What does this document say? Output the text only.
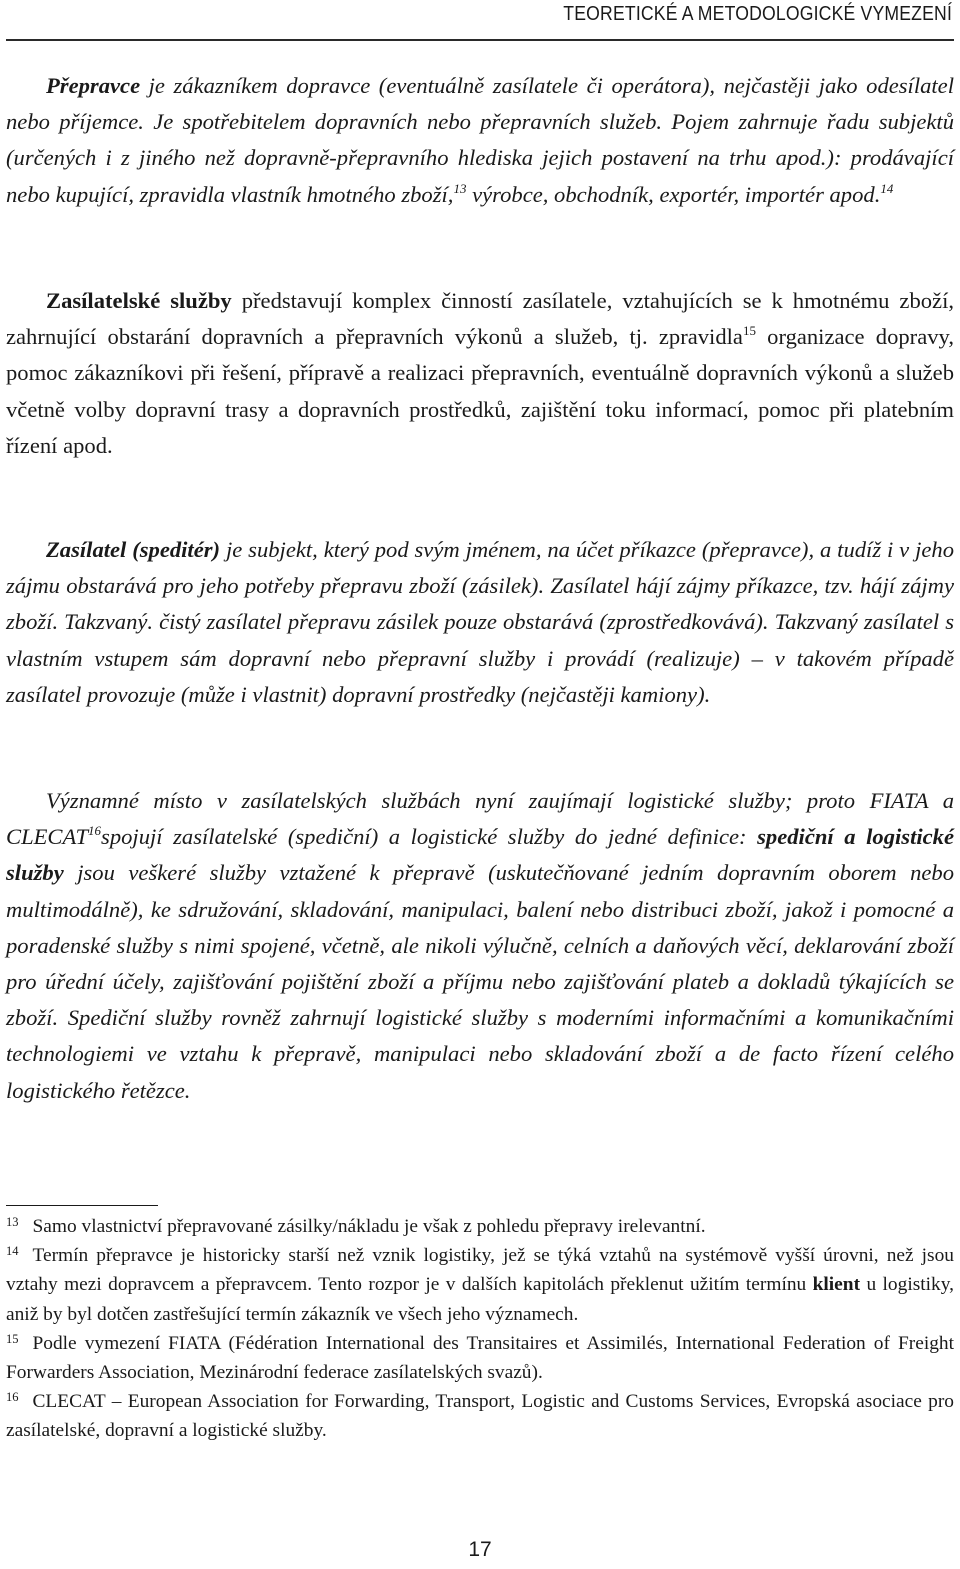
TEORETICKÉ A METODOLOGICKÉ VYMEZENÍ

Přepravce je zákazníkem dopravce (eventuálně zasílatele či operátora), nejčastěji jako odesílatel nebo příjemce. Je spotřebitelem dopravních nebo přepravních služeb. Pojem zahrnuje řadu subjektů (určených i z jiného než dopravně-přepravního hlediska jejich postavení na trhu apod.): prodávající nebo kupující, zpravidla vlastník hmotného zboží,$^{13}$ výrobce, obchodník, exportér, importér apod.$^{14}$

Zasílatelské služby představují komplex činností zasílatele, vztahujících se k hmotnému zboží, zahrnující obstarání dopravních a přepravních výkonů a služeb, tj. zpravidla$^{15}$ organizace dopravy, pomoc zákazníkovi při řešení, přípravě a realizaci přepravních, eventuálně dopravních výkonů a služeb včetně volby dopravní trasy a dopravních prostředků, zajištění toku informací, pomoc při platebním řízení apod.

Zasílatel (speditér) je subjekt, který pod svým jménem, na účet příkazce (přepravce), a tudíž i v jeho zájmu obstarává pro jeho potřeby přepravu zboží (zásilek). Zasílatel hájí zájmy příkazce, tzv. hájí zájmy zboží. Takzvaný. čistý zasílatel přepravu zásilek pouze obstarává (zprostředkovává). Takzvaný zasílatel s vlastním vstupem sám dopravní nebo přepravní služby i provádí (realizuje) – v takovém případě zasílatel provozuje (může i vlastnit) dopravní prostředky (nejčastěji kamiony).

Významné místo v zasílatelských službách nyní zaujímají logistické služby; proto FIATA a CLECAT$^{16}$spojují zasílatelské (spediční) a logistické služby do jedné definice: spediční a logistické služby jsou veškeré služby vztažené k přepravě (uskutečňované jedním dopravním oborem nebo multimodálně), ke sdružování, skladování, manipulaci, balení nebo distribuci zboží, jakož i pomocné a poradenské služby s nimi spojené, včetně, ale nikoli výlučně, celních a daňových věcí, deklarování zboží pro úřední účely, zajišťování pojištění zboží a příjmu nebo zajišťování plateb a dokladů týkajících se zboží. Spediční služby rovněž zahrnují logistické služby s moderními informačními a komunikačními technologiemi ve vztahu k přepravě, manipulaci nebo skladování zboží a de facto řízení celého logistického řetězce.

$^{13}$ Samo vlastnictví přepravované zásilky/nákladu je však z pohledu přepravy irelevantní.

$^{14}$ Termín přepravce je historicky starší než vznik logistiky, jež se týká vztahů na systémově vyšší úrovni, než jsou vztahy mezi dopravcem a přepravcem. Tento rozpor je v dalších kapitolách překlenut užitím termínu klient u logistiky, aniž by byl dotčen zastřešující termín zákazník ve všech jeho významech.

$^{15}$ Podle vymezení FIATA (Fédération International des Transitaires et Assimilés, International Federation of Freight Forwarders Association, Mezinárodní federace zasílatelských svazů).

$^{16}$ CLECAT – European Association for Forwarding, Transport, Logistic and Customs Services, Evropská asociace pro zasílatelské, dopravní a logistické služby.

17
